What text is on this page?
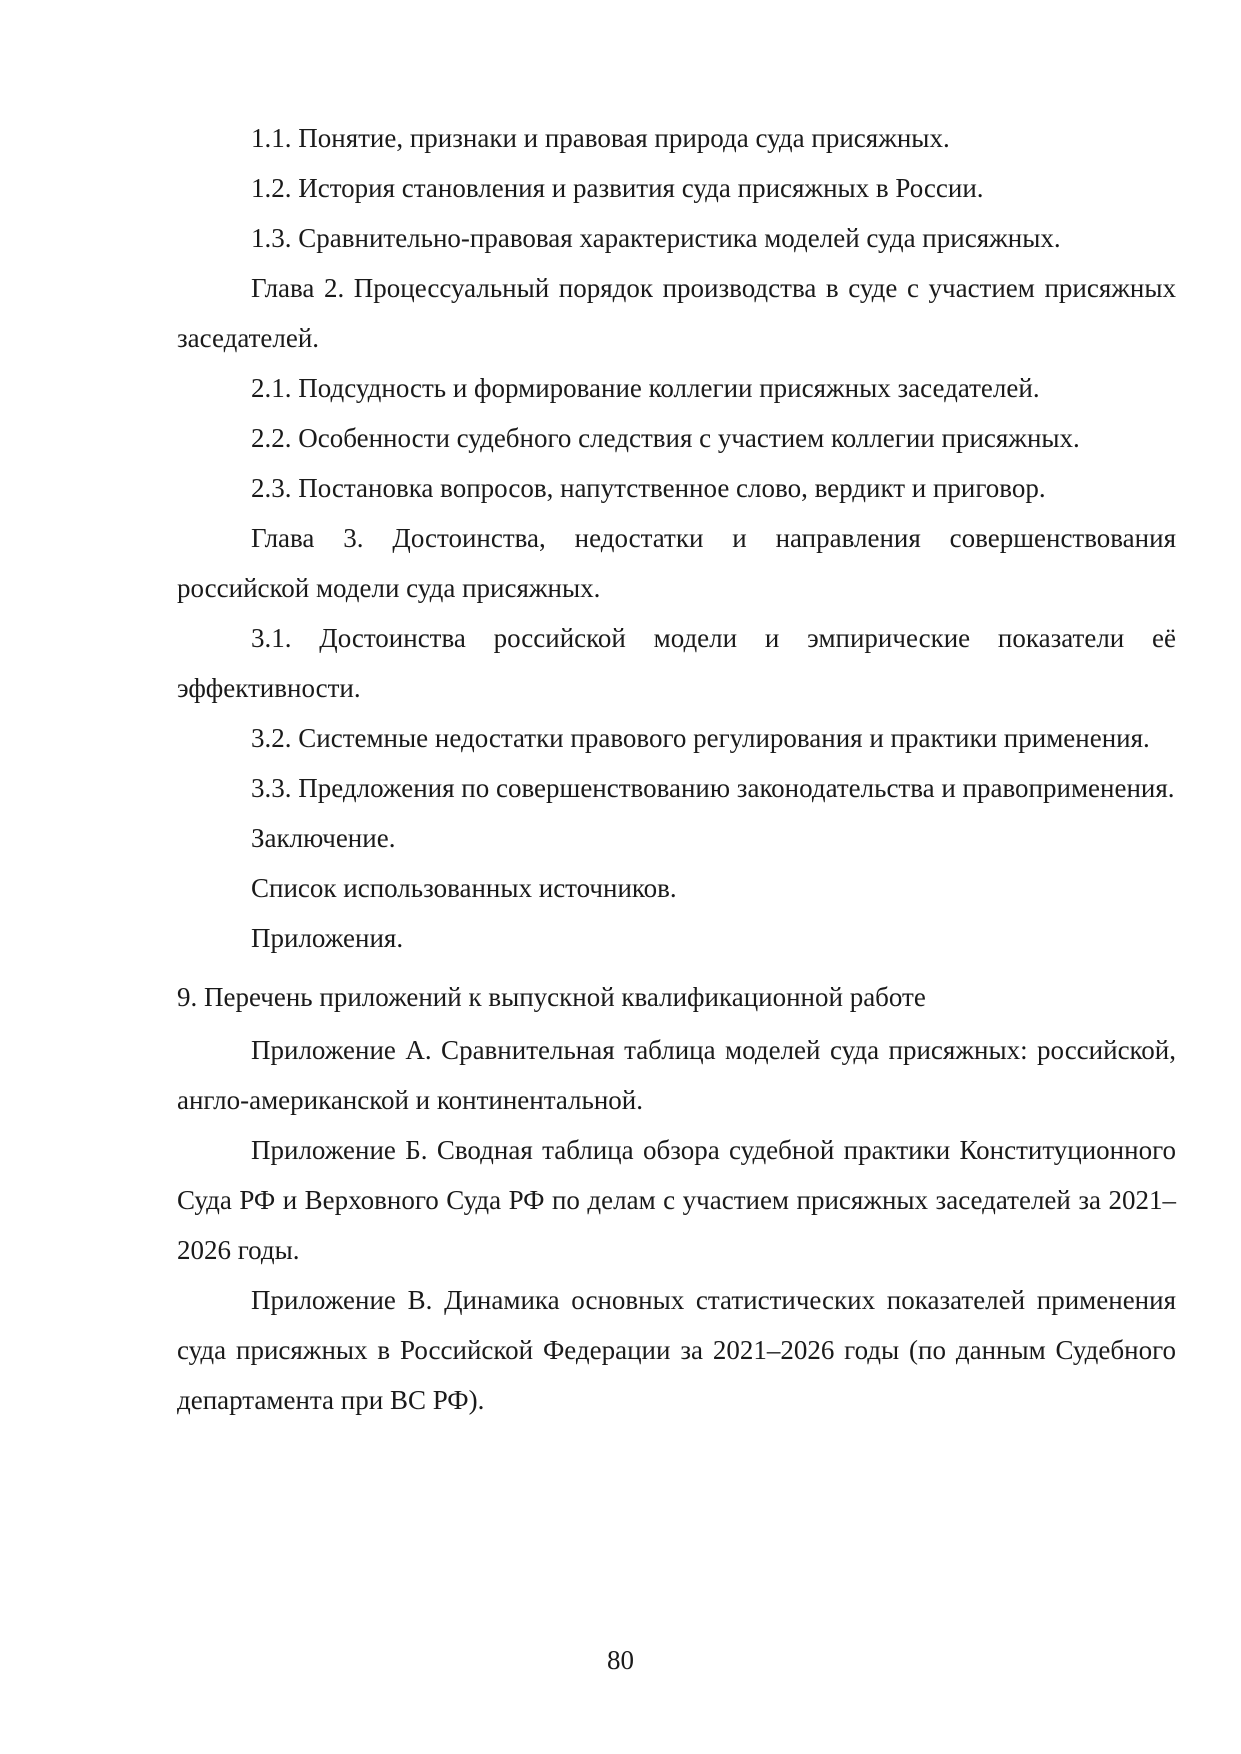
1.1. Понятие, признаки и правовая природа суда присяжных.

1.2. История становления и развития суда присяжных в России.

1.3. Сравнительно-правовая характеристика моделей суда присяжных.

Глава 2. Процессуальный порядок производства в суде с участием присяжных заседателей.

2.1. Подсудность и формирование коллегии присяжных заседателей.

2.2. Особенности судебного следствия с участием коллегии присяжных.

2.3. Постановка вопросов, напутственное слово, вердикт и приговор.

Глава 3. Достоинства, недостатки и направления совершенствования российской модели суда присяжных.

3.1. Достоинства российской модели и эмпирические показатели её эффективности.

3.2. Системные недостатки правового регулирования и практики применения.

3.3. Предложения по совершенствованию законодательства и правоприменения.

Заключение.

Список использованных источников.

Приложения.

9. Перечень приложений к выпускной квалификационной работе

Приложение А. Сравнительная таблица моделей суда присяжных: российской, англо-американской и континентальной.

Приложение Б. Сводная таблица обзора судебной практики Конституционного Суда РФ и Верховного Суда РФ по делам с участием присяжных заседателей за 2021–2026 годы.

Приложение В. Динамика основных статистических показателей применения суда присяжных в Российской Федерации за 2021–2026 годы (по данным Судебного департамента при ВС РФ).

80
